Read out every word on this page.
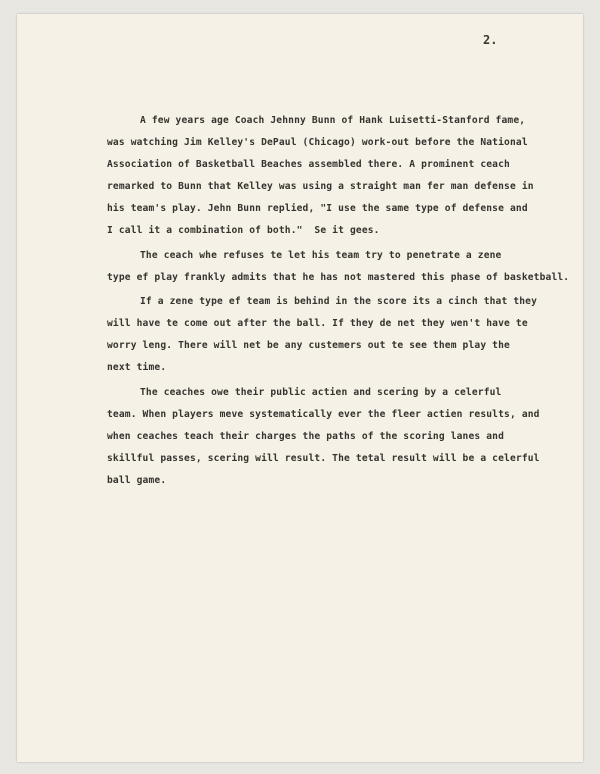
2.
A few years age Coach Jehnny Bunn of Hank Luisetti-Stanford fame,
was watching Jim Kelley's DePaul (Chicago) work-out before the National
Association of Basketball Beaches assembled there. A prominent ceach
remarked to Bunn that Kelley was using a straight man fer man defense in
his team's play. Jehn Bunn replied, "I use the same type of defense and
I call it a combination of both."  Se it gees.
The ceach whe refuses te let his team try to penetrate a zene
type ef play frankly admits that he has not mastered this phase of basketball.
If a zene type ef team is behind in the score its a cinch that they
will have te come out after the ball. If they de net they wen't have te
worry leng. There will net be any custemers out te see them play the
next time.
The ceaches owe their public actien and scering by a celerful
team. When players meve systematically ever the fleer actien results, and
when ceaches teach their charges the paths of the scoring lanes and
skillful passes, scering will result. The tetal result will be a celerful
ball game.
